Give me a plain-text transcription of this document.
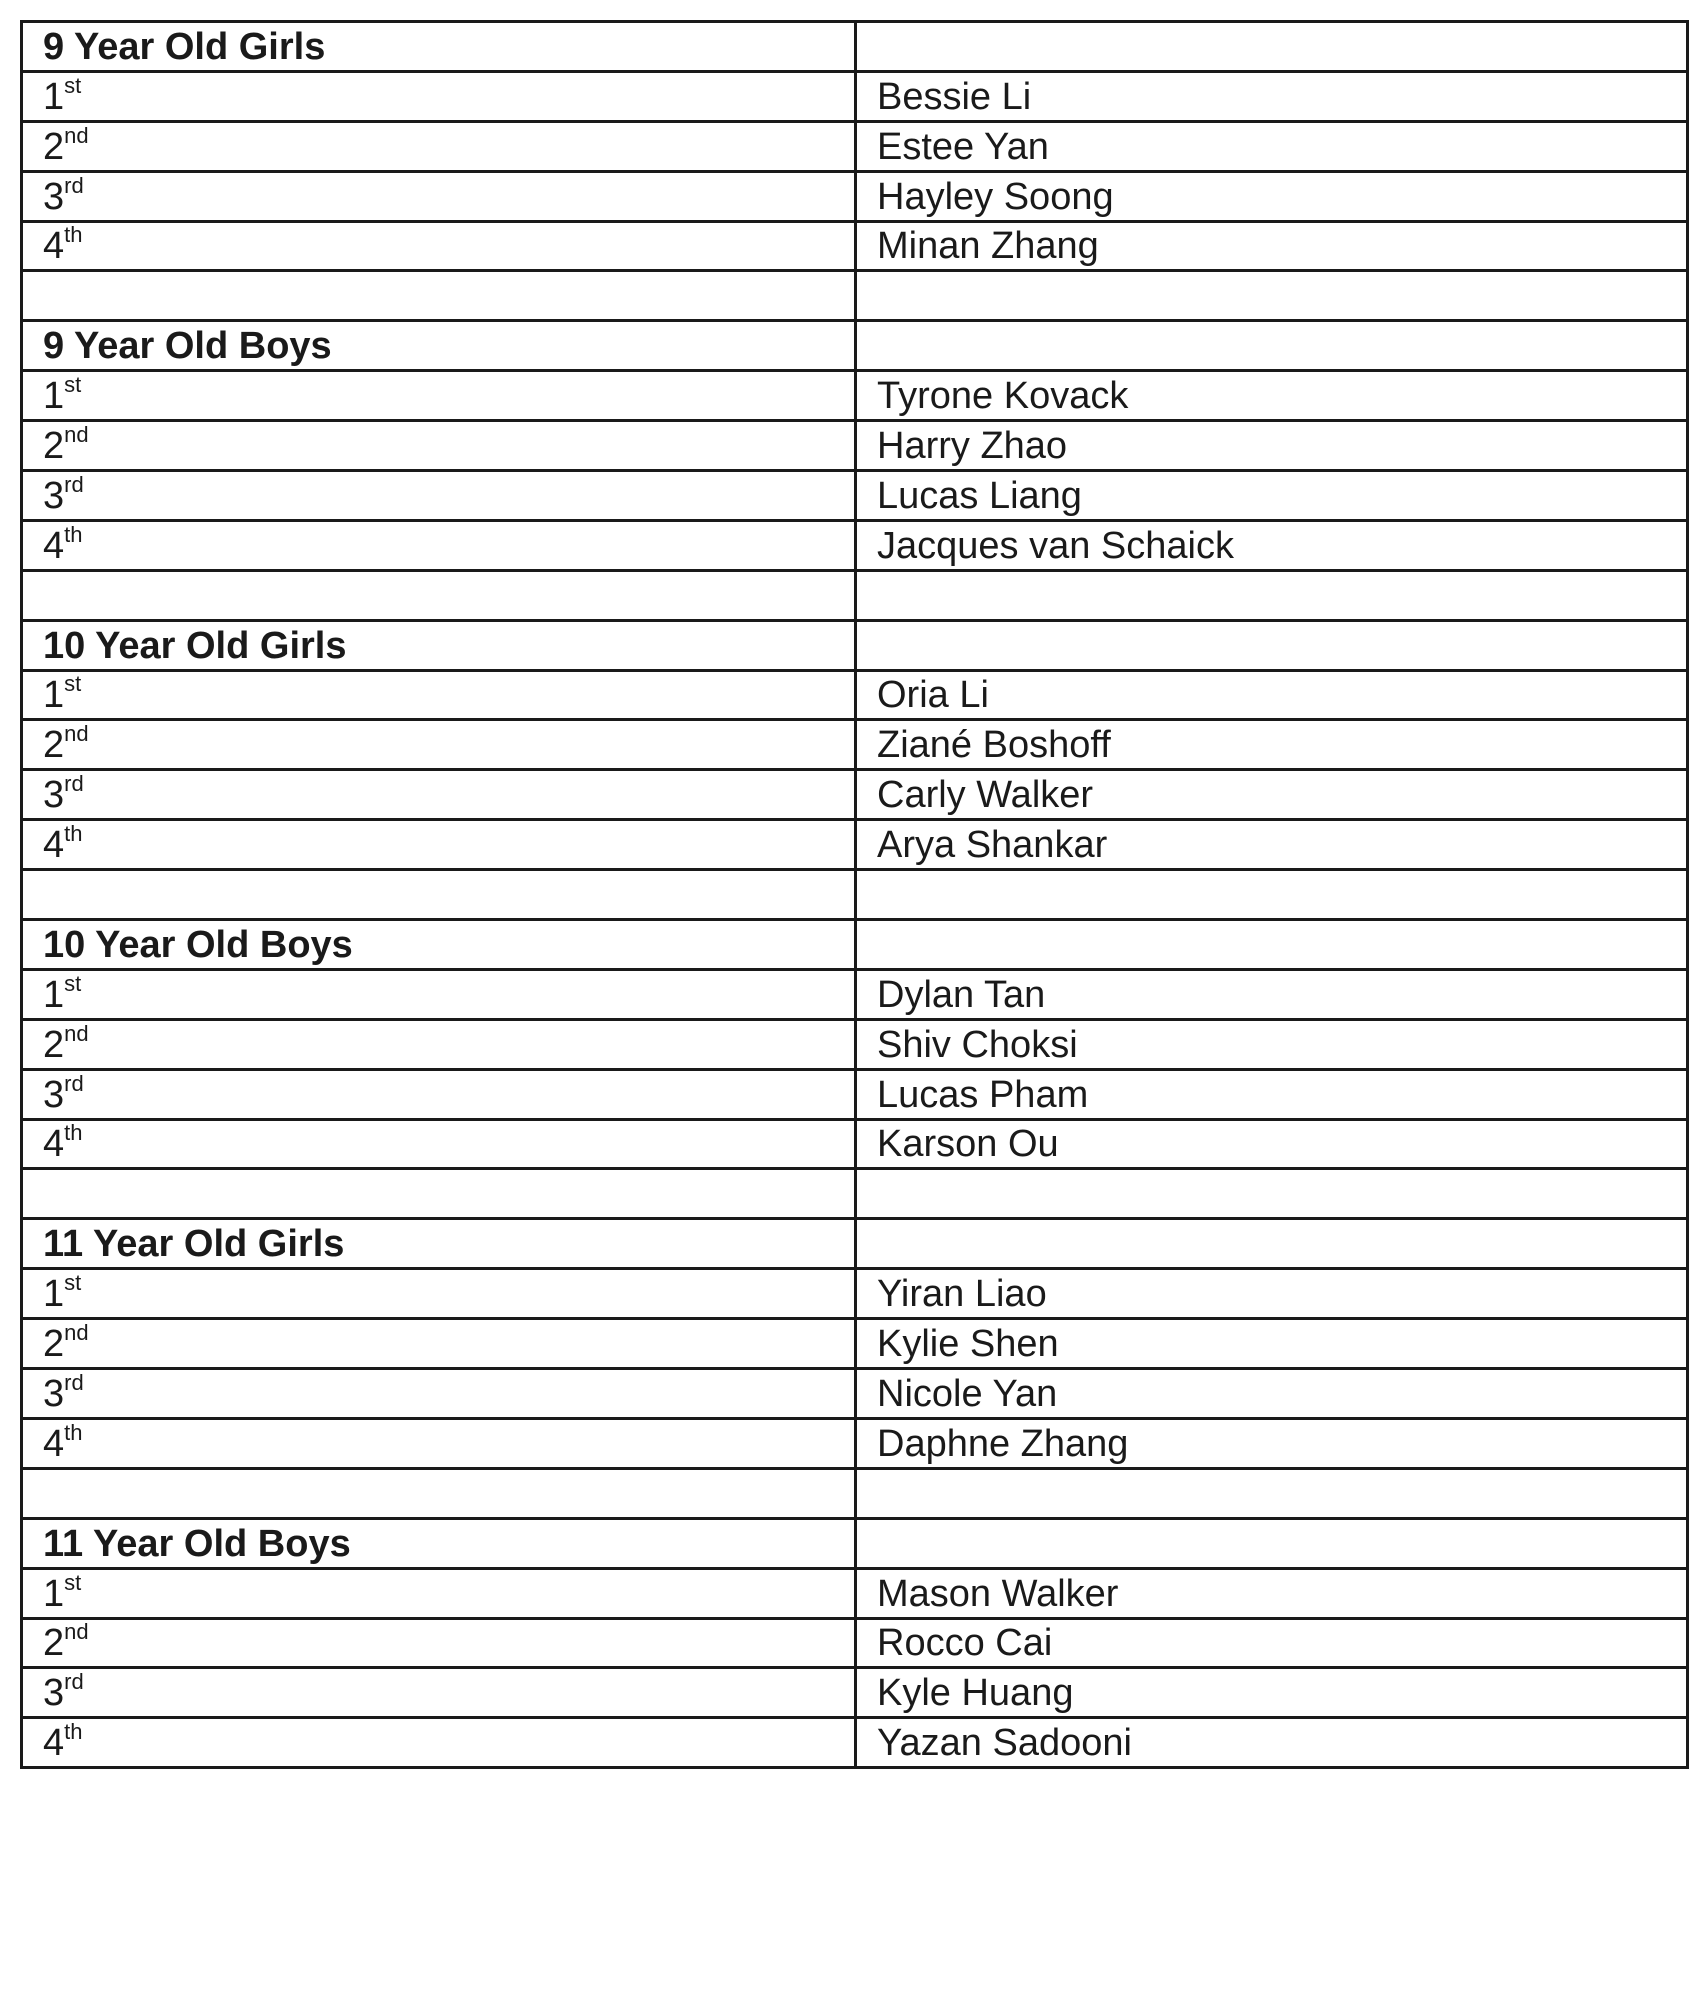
9 Year Old Girls	
1st	Bessie Li
2nd	Estee Yan
3rd	Hayley Soong
4th	Minan Zhang

9 Year Old Boys	
1st	Tyrone Kovack
2nd	Harry Zhao
3rd	Lucas Liang
4th	Jacques van Schaick

10 Year Old Girls	
1st	Oria Li
2nd	Ziané Boshoff
3rd	Carly Walker
4th	Arya Shankar

10 Year Old Boys	
1st	Dylan Tan
2nd	Shiv Choksi
3rd	Lucas Pham
4th	Karson Ou

11 Year Old Girls	
1st	Yiran Liao
2nd	Kylie Shen
3rd	Nicole Yan
4th	Daphne Zhang

11 Year Old Boys	
1st	Mason Walker
2nd	Rocco Cai
3rd	Kyle Huang
4th	Yazan Sadooni
